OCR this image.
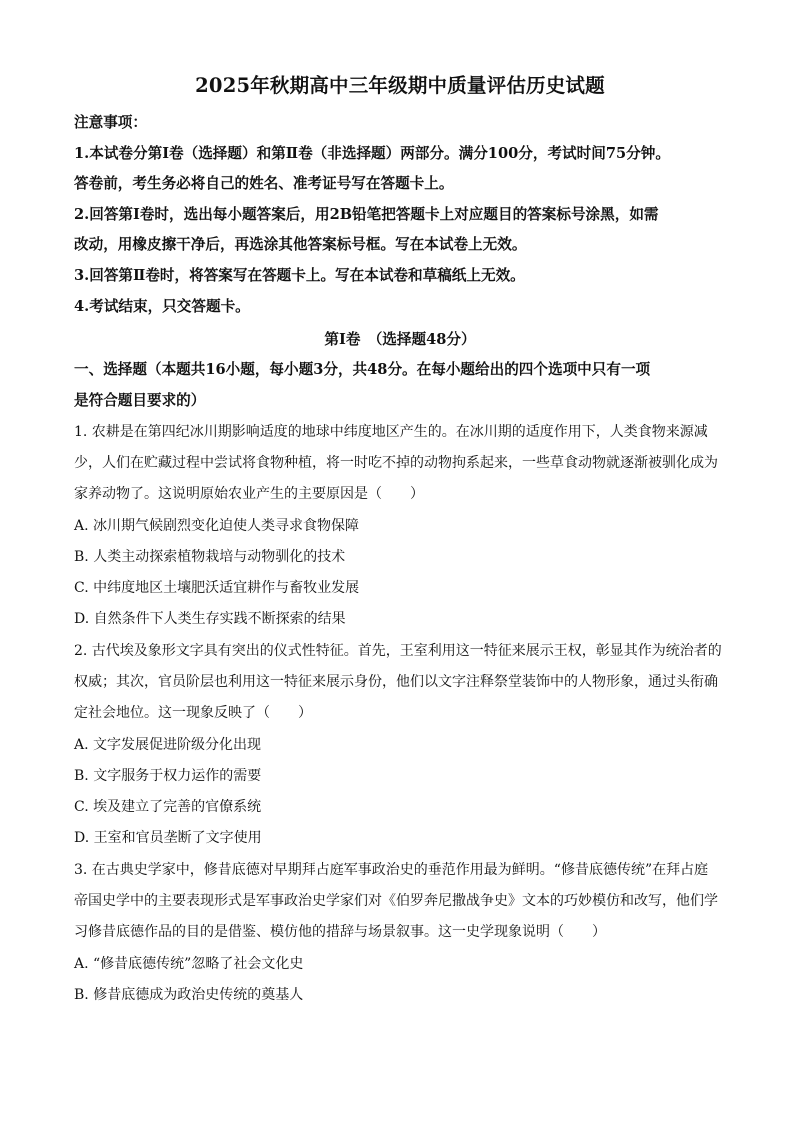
2025年秋期高中三年级期中质量评估历史试题
注意事项：
1.本试卷分第Ⅰ卷（选择题）和第Ⅱ卷（非选择题）两部分。满分100分，考试时间75分钟。
答卷前，考生务必将自己的姓名、准考证号写在答题卡上。
2.回答第Ⅰ卷时，选出每小题答案后，用2B铅笔把答题卡上对应题目的答案标号涂黑，如需
改动，用橡皮擦干净后，再选涂其他答案标号框。写在本试卷上无效。
3.回答第Ⅱ卷时，将答案写在答题卡上。写在本试卷和草稿纸上无效。
4.考试结束，只交答题卡。
第Ⅰ卷　（选择题48分）
一、选择题（本题共16小题，每小题3分，共48分。在每小题给出的四个选项中只有一项
是符合题目要求的）
1. 农耕是在第四纪冰川期影响适度的地球中纬度地区产生的。在冰川期的适度作用下，人类食物来源减
少，人们在贮藏过程中尝试将食物种植，将一时吃不掉的动物拘系起来，一些草食动物就逐渐被驯化成为
家养动物了。这说明原始农业产生的主要原因是（　　）
A. 冰川期气候剧烈变化迫使人类寻求食物保障
B. 人类主动探索植物栽培与动物驯化的技术
C. 中纬度地区土壤肥沃适宜耕作与畜牧业发展
D. 自然条件下人类生存实践不断探索的结果
2. 古代埃及象形文字具有突出的仪式性特征。首先，王室利用这一特征来展示王权，彰显其作为统治者的
权威；其次，官员阶层也利用这一特征来展示身份，他们以文字注释祭堂装饰中的人物形象，通过头衔确
定社会地位。这一现象反映了（　　）
A. 文字发展促进阶级分化出现
B. 文字服务于权力运作的需要
C. 埃及建立了完善的官僚系统
D. 王室和官员垄断了文字使用
3. 在古典史学家中，修昔底德对早期拜占庭军事政治史的垂范作用最为鲜明。“修昔底德传统”在拜占庭
帝国史学中的主要表现形式是军事政治史学家们对《伯罗奔尼撒战争史》文本的巧妙模仿和改写，他们学
习修昔底德作品的目的是借鉴、模仿他的措辞与场景叙事。这一史学现象说明（　　）
A. “修昔底德传统”忽略了社会文化史
B. 修昔底德成为政治史传统的奠基人
